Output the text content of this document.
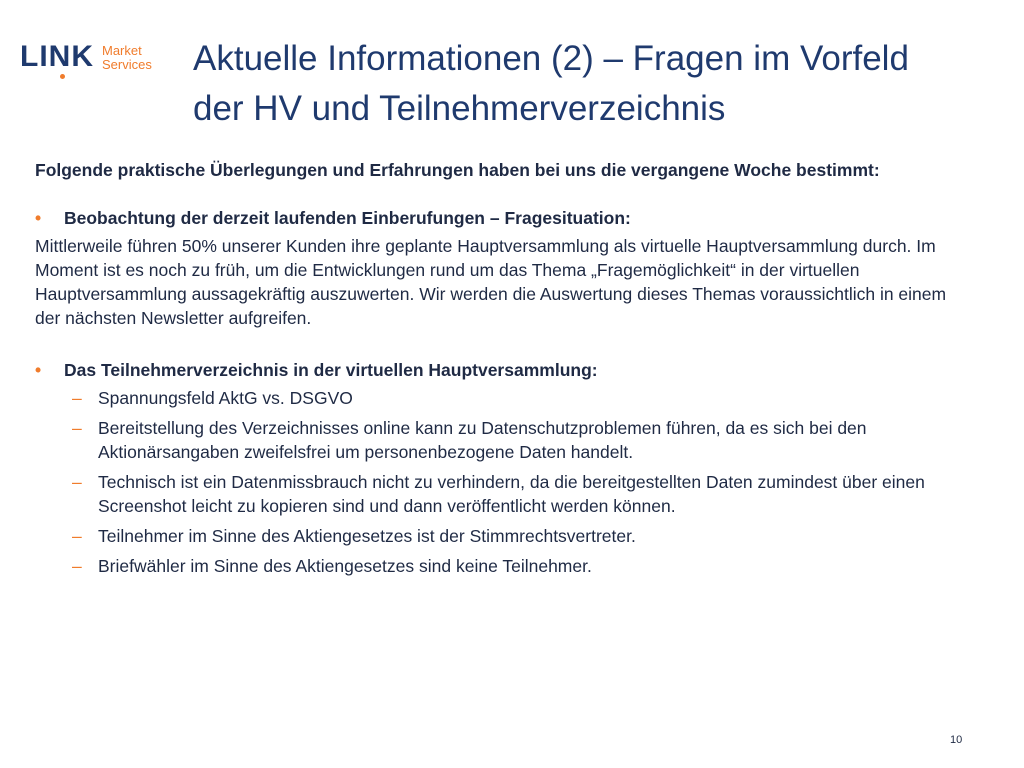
LINK Market
Services Aktuelle Informationen (2) – Fragen im Vorfeld
der HV und Teilnehmerverzeichnis

Folgende praktische Überlegungen und Erfahrungen haben bei uns die vergangene Woche bestimmt:

• Beobachtung der derzeit laufenden Einberufungen – Fragesituation:

Mittlerweile führen 50% unserer Kunden ihre geplante Hauptversammlung als virtuelle Hauptversammlung durch. Im Moment ist es noch zu früh, um die Entwicklungen rund um das Thema „Fragemöglichkeit“ in der virtuellen Hauptversammlung aussagekräftig auszuwerten. Wir werden die Auswertung dieses Themas voraussichtlich in einem der nächsten Newsletter aufgreifen.

• Das Teilnehmerverzeichnis in der virtuellen Hauptversammlung:
– Spannungsfeld AktG vs. DSGVO
– Bereitstellung des Verzeichnisses online kann zu Datenschutzproblemen führen, da es sich bei den Aktionärsangaben zweifelsfrei um personenbezogene Daten handelt.
– Technisch ist ein Datenmissbrauch nicht zu verhindern, da die bereitgestellten Daten zumindest über einen Screenshot leicht zu kopieren sind und dann veröffentlicht werden können.
– Teilnehmer im Sinne des Aktiengesetzes ist der Stimmrechtsvertreter.
– Briefwähler im Sinne des Aktiengesetzes sind keine Teilnehmer.
10
